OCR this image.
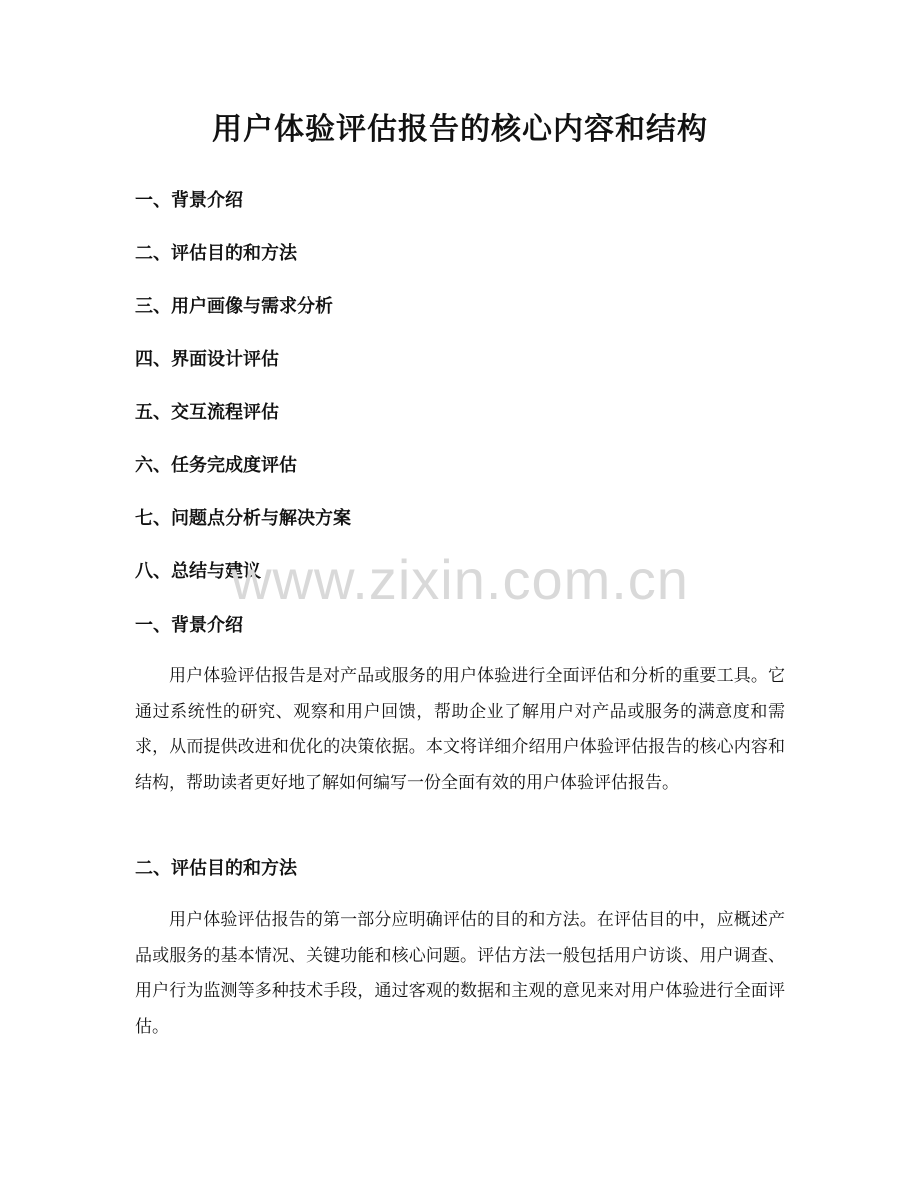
用户体验评估报告的核心内容和结构
一、背景介绍
二、评估目的和方法
三、用户画像与需求分析
四、界面设计评估
五、交互流程评估
六、任务完成度评估
七、问题点分析与解决方案
八、总结与建议
一、背景介绍
用户体验评估报告是对产品或服务的用户体验进行全面评估和分析的重要工具。它通过系统性的研究、观察和用户回馈，帮助企业了解用户对产品或服务的满意度和需求，从而提供改进和优化的决策依据。本文将详细介绍用户体验评估报告的核心内容和结构，帮助读者更好地了解如何编写一份全面有效的用户体验评估报告。
二、评估目的和方法
用户体验评估报告的第一部分应明确评估的目的和方法。在评估目的中，应概述产品或服务的基本情况、关键功能和核心问题。评估方法一般包括用户访谈、用户调查、用户行为监测等多种技术手段，通过客观的数据和主观的意见来对用户体验进行全面评估。
www.zixin.com.cn
